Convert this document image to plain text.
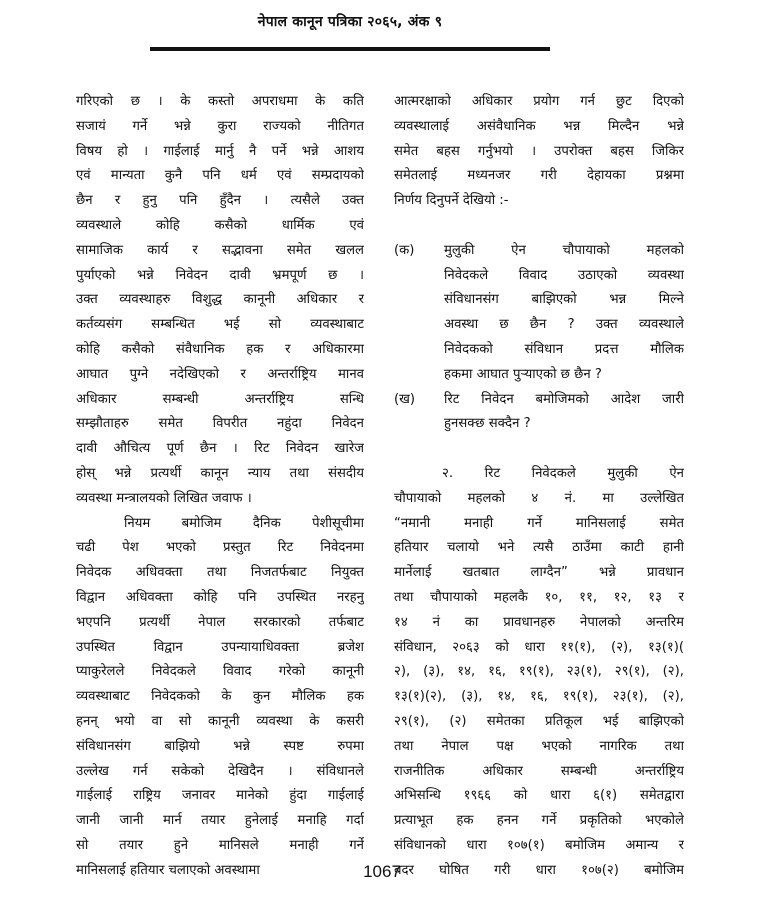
नेपाल कानून पत्रिका २०६५, अंक ९
गरिएको छ । के कस्तो अपराधमा के कति
सजायं गर्ने भन्ने कुरा राज्यको नीतिगत
विषय हो । गाईलाई मार्नु नै पर्ने भन्ने आशय
एवं मान्यता कुनै पनि धर्म एवं सम्प्रदायको
छैन र हुनु पनि हुँदैन । त्यसैले उक्त
व्यवस्थाले कोहि कसैको धार्मिक एवं
सामाजिक कार्य र सद्भावना समेत खलल
पुर्याएको भन्ने निवेदन दावी भ्रमपूर्ण छ ।
उक्त व्यवस्थाहरु विशुद्ध कानूनी अधिकार र
कर्तव्यसंग सम्बन्धित भई सो व्यवस्थाबाट
कोहि कसैको संवैधानिक हक र अधिकारमा
आघात पुग्ने नदेखिएको र अन्तर्राष्ट्रिय मानव
अधिकार सम्बन्धी अन्तर्राष्ट्रिय सन्धि
सम्झौताहरु समेत विपरीत नहुंदा निवेदन
दावी औचित्य पूर्ण छैन । रिट निवेदन खारेज
होस् भन्ने प्रत्यर्थी कानून न्याय तथा संसदीय
व्यवस्था मन्त्रालयको लिखित जवाफ ।
नियम बमोजिम दैनिक पेशीसूचीमा
चढी पेश भएको प्रस्तुत रिट निवेदनमा
निवेदक अधिवक्ता तथा निजतर्फबाट नियुक्त
विद्वान अधिवक्ता कोहि पनि उपस्थित नरहनु
भएपनि प्रत्यर्थी नेपाल सरकारको तर्फबाट
उपस्थित विद्वान उपन्यायाधिवक्ता ब्रजेश
प्याकुरेलले निवेदकले विवाद गरेको कानूनी
व्यवस्थाबाट निवेदकको के कुन मौलिक हक
हनन् भयो वा सो कानूनी व्यवस्था के कसरी
संविधानसंग बाझियो भन्ने स्पष्ट रुपमा
उल्लेख गर्न सकेको देखिदैन । संविधानले
गाईलाई राष्ट्रिय जनावर मानेको हुंदा गाईलाई
जानी जानी मार्न तयार हुनेलाई मनाहि गर्दा
सो तयार हुने मानिसले मनाही गर्ने
मानिसलाई हतियार चलाएको अवस्थामा
आत्मरक्षाको अधिकार प्रयोग गर्न छुट दिएको
व्यवस्थालाई असंवैधानिक भन्न मिल्दैन भन्ने
समेत बहस गर्नुभयो । उपरोक्त बहस जिकिर
समेतलाई मध्यनजर गरी देहायका प्रश्नमा
निर्णय दिनुपर्ने देखियो :-
(क)	मुलुकी ऐन चौपायाको महलको
निवेदकले विवाद उठाएको व्यवस्था
संविधानसंग बाझिएको भन्न मिल्ने
अवस्था छ छैन ? उक्त व्यवस्थाले
निवेदकको संविधान प्रदत्त मौलिक
हकमा आघात पुऱ्याएको छ छैन ?
(ख)	रिट निवेदन बमोजिमको आदेश जारी
हुनसक्छ सक्दैन ?
२. रिट निवेदकले मुलुकी ऐन
चौपायाको महलको ४ नं. मा उल्लेखित
“नमानी मनाही गर्ने मानिसलाई समेत
हतियार चलायो भने त्यसै ठाउँमा काटी हानी
मार्नेलाई खतबात लाग्दैन” भन्ने प्रावधान
तथा चौपायाको महलकै १०, ११, १२, १३ र
१४ नं का प्रावधानहरु नेपालको अन्तरिम
संविधान, २०६३ को धारा ११(१), (२), १३(१)(
२), (३), १४, १६, १९(१), २३(१), २९(१), (२),
१३(१)(२), (३), १४, १६, १९(१), २३(१), (२),
२९(१), (२) समेतका प्रतिकूल भई बाझिएको
तथा नेपाल पक्ष भएको नागरिक तथा
राजनीतिक अधिकार सम्बन्धी अन्तर्राष्ट्रिय
अभिसन्धि १९६६ को धारा ६(१) समेतद्वारा
प्रत्याभूत हक हनन गर्ने प्रकृतिको भएकोले
संविधानको धारा १०७(१) बमोजिम अमान्य र
बदर घोषित गरी धारा १०७(२) बमोजिम
1067
